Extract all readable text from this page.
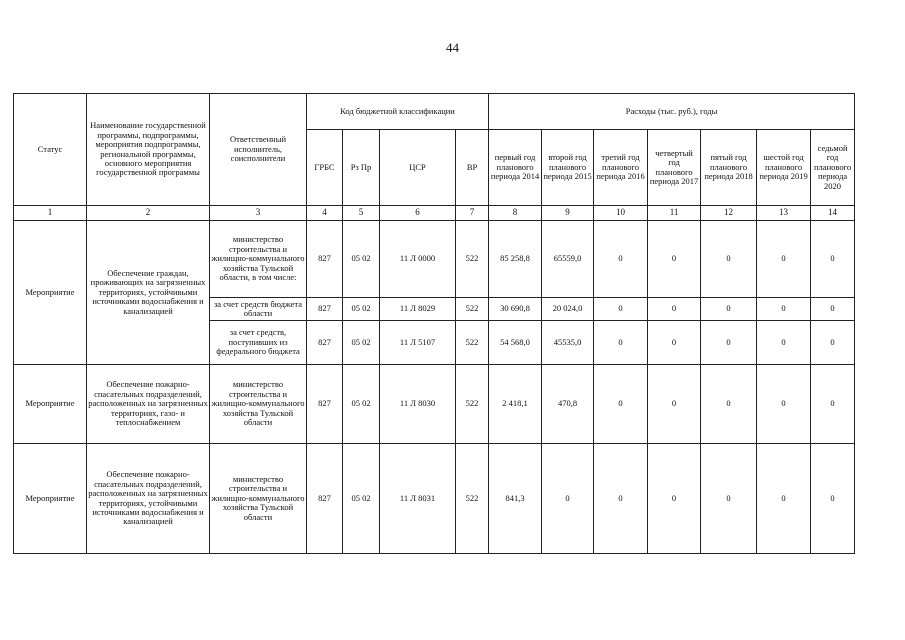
44
Статус	Наименование государственной программы, подпрограммы, мероприятия подпрограммы, региональной программы, основного мероприятия государственной программы	Ответственный исполнитель, соисполнители	Код бюджетной классификации				Расходы (тыс. руб.), годы						
			ГРБС	Рз Пр	ЦСР	ВР	первый год планового периода 2014	второй год планового периода 2015	третий год планового периода 2016	четвертый год планового периода 2017	пятый год планового периода 2018	шестой год планового периода 2019	седьмой год планового периода 2020
1	2	3	4	5	6	7	8	9	10	11	12	13	14
Мероприятие	Обеспечение граждан, проживающих на загрязненных территориях, устойчивыми источниками водоснабжения и канализацией	министерство строительства и жилищно-коммунального хозяйства Тульской области, в том числе:	827	05 02	11 Л 0000	522	85 258,8	65559,0	0	0	0	0	0
		за счет средств бюджета области	827	05 02	11 Л 8029	522	30 690,8	20 024,0	0	0	0	0	0
		за счет средств, поступивших из федерального бюджета	827	05 02	11 Л 5107	522	54 568,0	45535,0	0	0	0	0	0
Мероприятие	Обеспечение пожарно-спасательных подразделений, расположенных на загрязненных территориях, газо- и теплоснабжением	министерство строительства и жилищно-коммунального хозяйства Тульской области	827	05 02	11 Л 8030	522	2 418,1	470,8	0	0	0	0	0
Мероприятие	Обеспечение пожарно-спасательных подразделений, расположенных на загрязненных территориях, устойчивыми источниками водоснабжения и канализацией	министерство строительства и жилищно-коммунального хозяйства Тульской области	827	05 02	11 Л 8031	522	841,3	0	0	0	0	0	0
